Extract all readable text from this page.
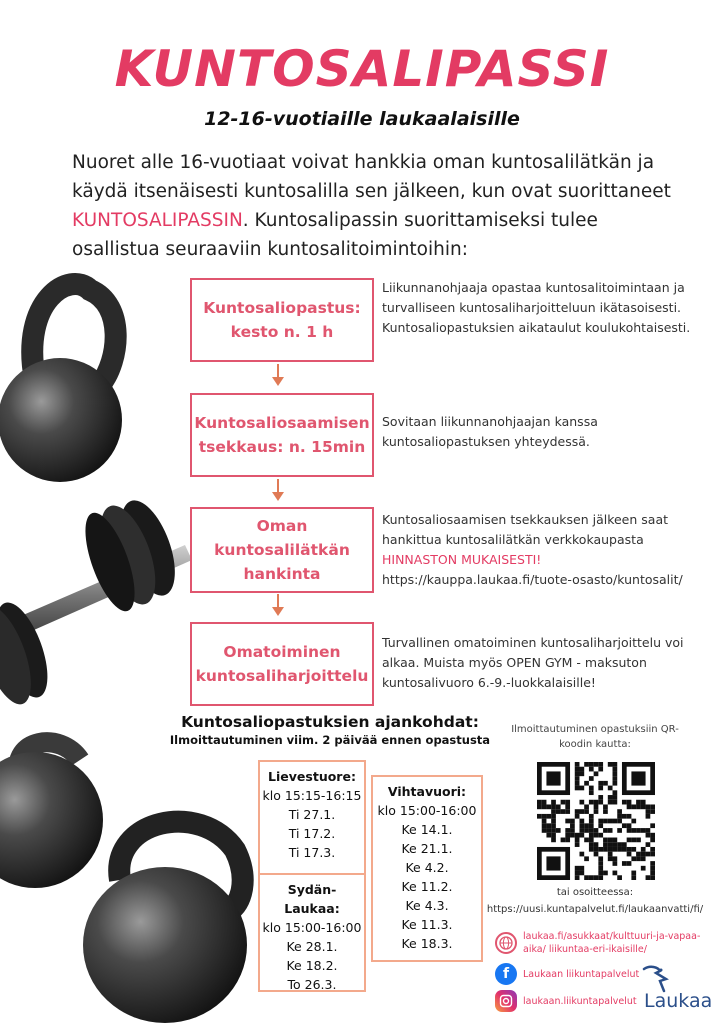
KUNTOSALIPASSI
12-16-vuotiaille laukaalaisille
Nuoret alle 16-vuotiaat voivat hankkia oman kuntosalilätkän ja käydä itsenäisesti kuntosalilla sen jälkeen, kun ovat suorittaneet KUNTOSALIPASSIN. Kuntosalipassin suorittamiseksi tulee osallistua seuraaviin kuntosalitoimintoihin:
Kuntosaliopastus:
kesto n. 1 h
Liikunnanohjaaja opastaa kuntosalitoimintaan ja turvalliseen kuntosaliharjoitteluun ikätasoisesti. Kuntosaliopastuksien aikataulut koulukohtaisesti.
Kuntosaliosaamisen
tsekkaus: n. 15min
Sovitaan liikunnanohjaajan kanssa kuntosaliopastuksen yhteydessä.
Oman
kuntosalilätkän
hankinta
Kuntosaliosaamisen tsekkauksen jälkeen saat hankittua kuntosalilätkän verkkokaupasta HINNASTON MUKAISESTI!
https://kauppa.laukaa.fi/tuote-osasto/kuntosalit/
Omatoiminen
kuntosaliharjoittelu
Turvallinen omatoiminen kuntosaliharjoittelu voi alkaa. Muista myös OPEN GYM - maksuton kuntosalivuoro 6.-9.-luokkalaisille!
Kuntosaliopastuksien ajankohdat:
Ilmoittautuminen viim. 2 päivää ennen opastusta
Lievestuore:
klo 15:15-16:15
Ti 27.1.
Ti 17.2.
Ti 17.3.
Sydän-Laukaa:
klo 15:00-16:00
Ke 28.1.
Ke 18.2.
To 26.3.
Vihtavuori:
klo 15:00-16:00
Ke 14.1.
Ke 21.1.
Ke 4.2.
Ke 11.2.
Ke 4.3.
Ke 11.3.
Ke 18.3.
Ilmoittautuminen opastuksiin QR-koodin kautta:
tai osoitteessa:
https://uusi.kuntapalvelut.fi/laukaanvatti/fi/
laukaa.fi/asukkaat/kulttuuri-ja-vapaa-aika/ liikuntaa-eri-ikaisille/
f	Laukaan liikuntapalvelut
laukaan.liikuntapalvelut Laukaa
